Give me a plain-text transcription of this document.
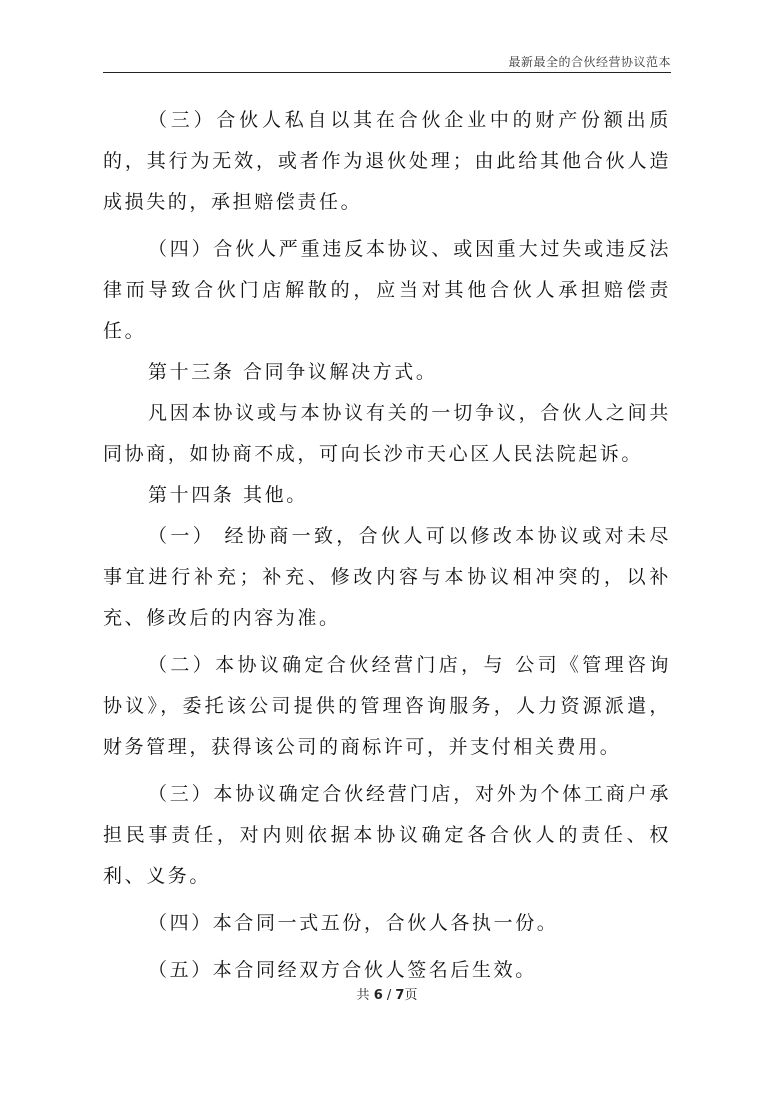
最新最全的合伙经营协议范本

（三）合伙人私自以其在合伙企业中的财产份额出质的，其行为无效，或者作为退伙处理；由此给其他合伙人造成损失的，承担赔偿责任。

（四）合伙人严重违反本协议、或因重大过失或违反法律而导致合伙门店解散的，应当对其他合伙人承担赔偿责任。

第十三条 合同争议解决方式。

凡因本协议或与本协议有关的一切争议，合伙人之间共同协商，如协商不成，可向长沙市天心区人民法院起诉。

第十四条 其他。

（一） 经协商一致，合伙人可以修改本协议或对未尽事宜进行补充；补充、修改内容与本协议相冲突的，以补充、修改后的内容为准。

（二）本协议确定合伙经营门店，与 公司《管理咨询协议》，委托该公司提供的管理咨询服务，人力资源派遣，财务管理，获得该公司的商标许可，并支付相关费用。

（三）本协议确定合伙经营门店，对外为个体工商户承担民事责任，对内则依据本协议确定各合伙人的责任、权利、义务。

（四）本合同一式五份，合伙人各执一份。

（五）本合同经双方合伙人签名后生效。

共 6 / 7页
